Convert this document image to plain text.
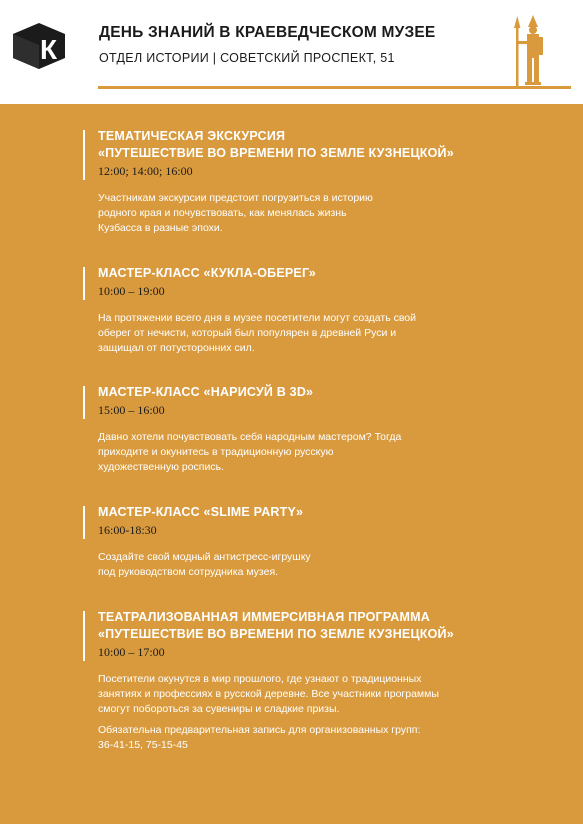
К
ДЕНЬ ЗНАНИЙ В КРАЕВЕДЧЕСКОМ МУЗЕЕ
ОТДЕЛ ИСТОРИИ | СОВЕТСКИЙ ПРОСПЕКТ, 51
ТЕМАТИЧЕСКАЯ ЭКСКУРСИЯ
«ПУТЕШЕСТВИЕ ВО ВРЕМЕНИ ПО ЗЕМЛЕ КУЗНЕЦКОЙ»
12:00; 14:00; 16:00
Участникам экскурсии предстоит погрузиться в историю
родного края и почувствовать, как менялась жизнь
Кузбасса в разные эпохи.
МАСТЕР-КЛАСС «КУКЛА-ОБЕРЕГ»
10:00 – 19:00
На протяжении всего дня в музее посетители могут создать свой
оберег от нечисти, который был популярен в древней Руси и
защищал от потусторонних сил.
МАСТЕР-КЛАСС «НАРИСУЙ В 3D»
15:00 – 16:00
Давно хотели почувствовать себя народным мастером? Тогда
приходите и окунитесь в традиционную русскую
художественную роспись.
МАСТЕР-КЛАСС «SLIME PARTY»
16:00-18:30
Создайте свой модный антистресс-игрушку
под руководством сотрудника музея.
ТЕАТРАЛИЗОВАННАЯ ИММЕРСИВНАЯ ПРОГРАММА
«ПУТЕШЕСТВИЕ ВО ВРЕМЕНИ ПО ЗЕМЛЕ КУЗНЕЦКОЙ»
10:00 – 17:00
Посетители окунутся в мир прошлого, где узнают о традиционных
занятиях и профессиях в русской деревне. Все участники программы
смогут побороться за сувениры и сладкие призы.
Обязательна предварительная запись для организованных групп:
36-41-15, 75-15-45
